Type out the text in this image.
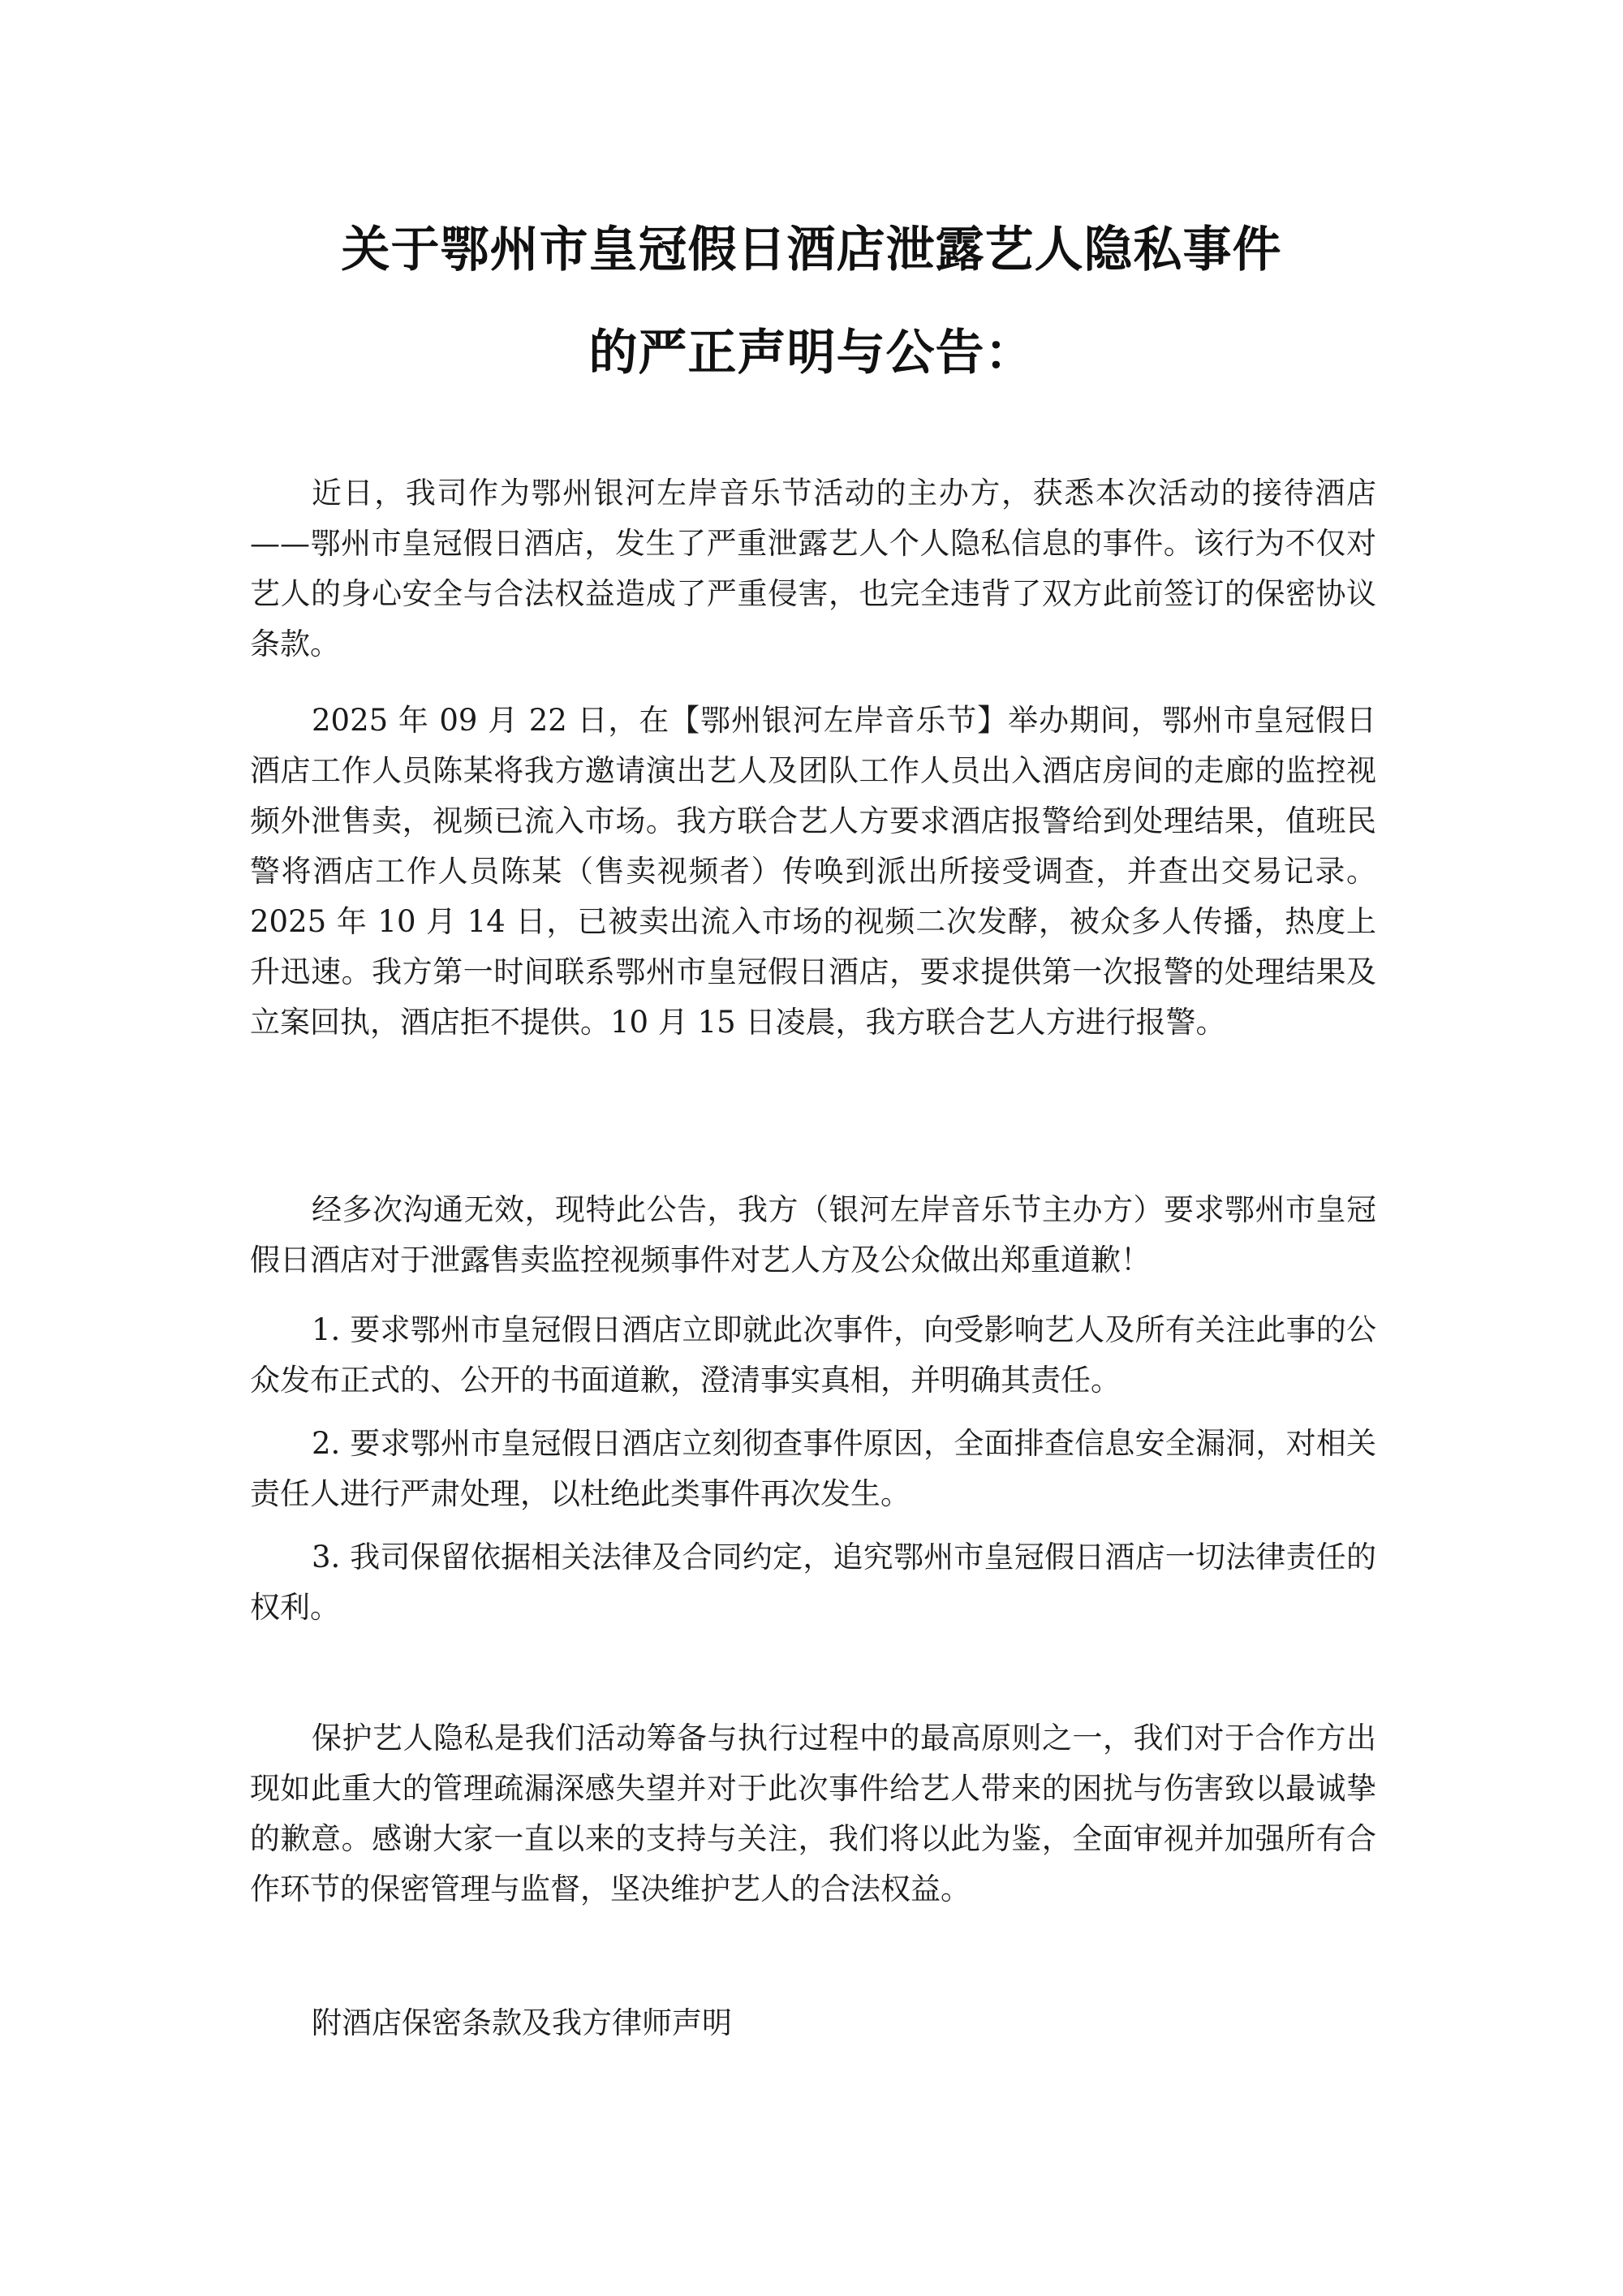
关于鄂州市皇冠假日酒店泄露艺人隐私事件
的严正声明与公告：

近日，我司作为鄂州银河左岸音乐节活动的主办方，获悉本次活动的接待酒店——鄂州市皇冠假日酒店，发生了严重泄露艺人个人隐私信息的事件。该行为不仅对艺人的身心安全与合法权益造成了严重侵害，也完全违背了双方此前签订的保密协议条款。

2025 年 09 月 22 日，在【鄂州银河左岸音乐节】举办期间，鄂州市皇冠假日酒店工作人员陈某将我方邀请演出艺人及团队工作人员出入酒店房间的走廊的监控视频外泄售卖，视频已流入市场。我方联合艺人方要求酒店报警给到处理结果，值班民警将酒店工作人员陈某（售卖视频者）传唤到派出所接受调查，并查出交易记录。2025 年 10 月 14 日，已被卖出流入市场的视频二次发酵，被众多人传播，热度上升迅速。我方第一时间联系鄂州市皇冠假日酒店，要求提供第一次报警的处理结果及立案回执，酒店拒不提供。10 月 15 日凌晨，我方联合艺人方进行报警。

经多次沟通无效，现特此公告，我方（银河左岸音乐节主办方）要求鄂州市皇冠假日酒店对于泄露售卖监控视频事件对艺人方及公众做出郑重道歉！

1. 要求鄂州市皇冠假日酒店立即就此次事件，向受影响艺人及所有关注此事的公众发布正式的、公开的书面道歉，澄清事实真相，并明确其责任。

2. 要求鄂州市皇冠假日酒店立刻彻查事件原因，全面排查信息安全漏洞，对相关责任人进行严肃处理，以杜绝此类事件再次发生。

3. 我司保留依据相关法律及合同约定，追究鄂州市皇冠假日酒店一切法律责任的权利。

保护艺人隐私是我们活动筹备与执行过程中的最高原则之一，我们对于合作方出现如此重大的管理疏漏深感失望并对于此次事件给艺人带来的困扰与伤害致以最诚挚的歉意。感谢大家一直以来的支持与关注，我们将以此为鉴，全面审视并加强所有合作环节的保密管理与监督，坚决维护艺人的合法权益。

附酒店保密条款及我方律师声明
